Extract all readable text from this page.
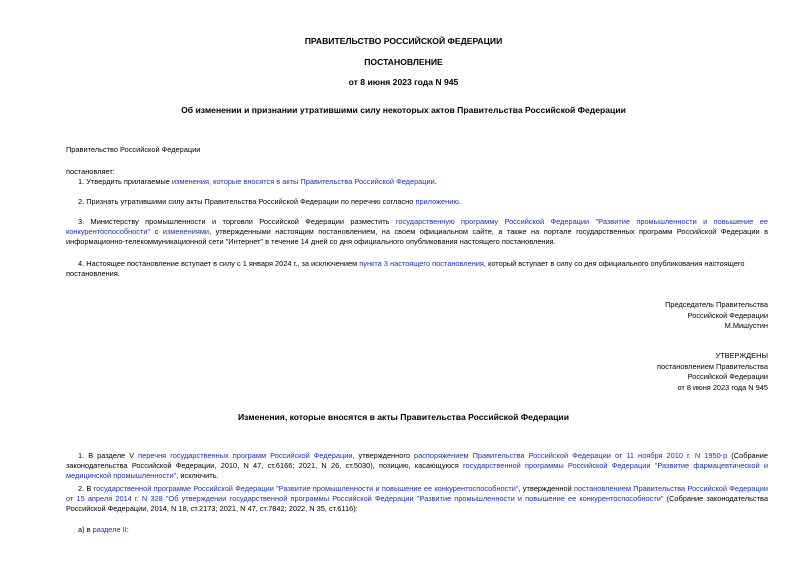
ПРАВИТЕЛЬСТВО РОССИЙСКОЙ ФЕДЕРАЦИИ
ПОСТАНОВЛЕНИЕ
от 8 июня 2023 года N 945
Об изменении и признании утратившими силу некоторых актов Правительства Российской Федерации
Правительство Российской Федерации
постановляет:
1. Утвердить прилагаемые изменения, которые вносятся в акты Правительства Российской Федерации.
2. Признать утратившими силу акты Правительства Российской Федерации по перечню согласно приложению.
3. Министерству промышленности и торговли Российской Федерации разместить государственную программу Российской Федерации "Развитие промышленности и повышение ее конкурентоспособности" с изменениями, утвержденными настоящим постановлением, на своем официальном сайте, а также на портале государственных программ Российской Федерации в информационно-телекоммуникационной сети "Интернет" в течение 14 дней со дня официального опубликования настоящего постановления.
4. Настоящее постановление вступает в силу с 1 января 2024 г., за исключением пункта 3 настоящего постановления, который вступает в силу со дня официального опубликования настоящего постановления.
Председатель Правительства
Российской Федерации
М.Мишустин
УТВЕРЖДЕНЫ
постановлением Правительства
Российской Федерации
от 8 июня 2023 года N 945
Изменения, которые вносятся в акты Правительства Российской Федерации
1. В разделе V перечня государственных программ Российской Федерации, утвержденного распоряжением Правительства Российской Федерации от 11 ноября 2010 г. N 1950-р (Собрание законодательства Российской Федерации, 2010, N 47, ст.6166; 2021, N 26, ст.5030), позицию, касающуюся государственной программы Российской Федерации "Развитие фармацевтической и медицинской промышленности", исключить.
2. В государственной программе Российской Федерации "Развитие промышленности и повышение ее конкурентоспособности", утвержденной постановлением Правительства Российской Федерации от 15 апреля 2014 г. N 328 "Об утверждении государственной программы Российской Федерации "Развитие промышленности и повышение ее конкурентоспособности" (Собрание законодательства Российской Федерации, 2014, N 18, ст.2173; 2021, N 47, ст.7842; 2022, N 35, ст.6116):
а) в разделе II:
